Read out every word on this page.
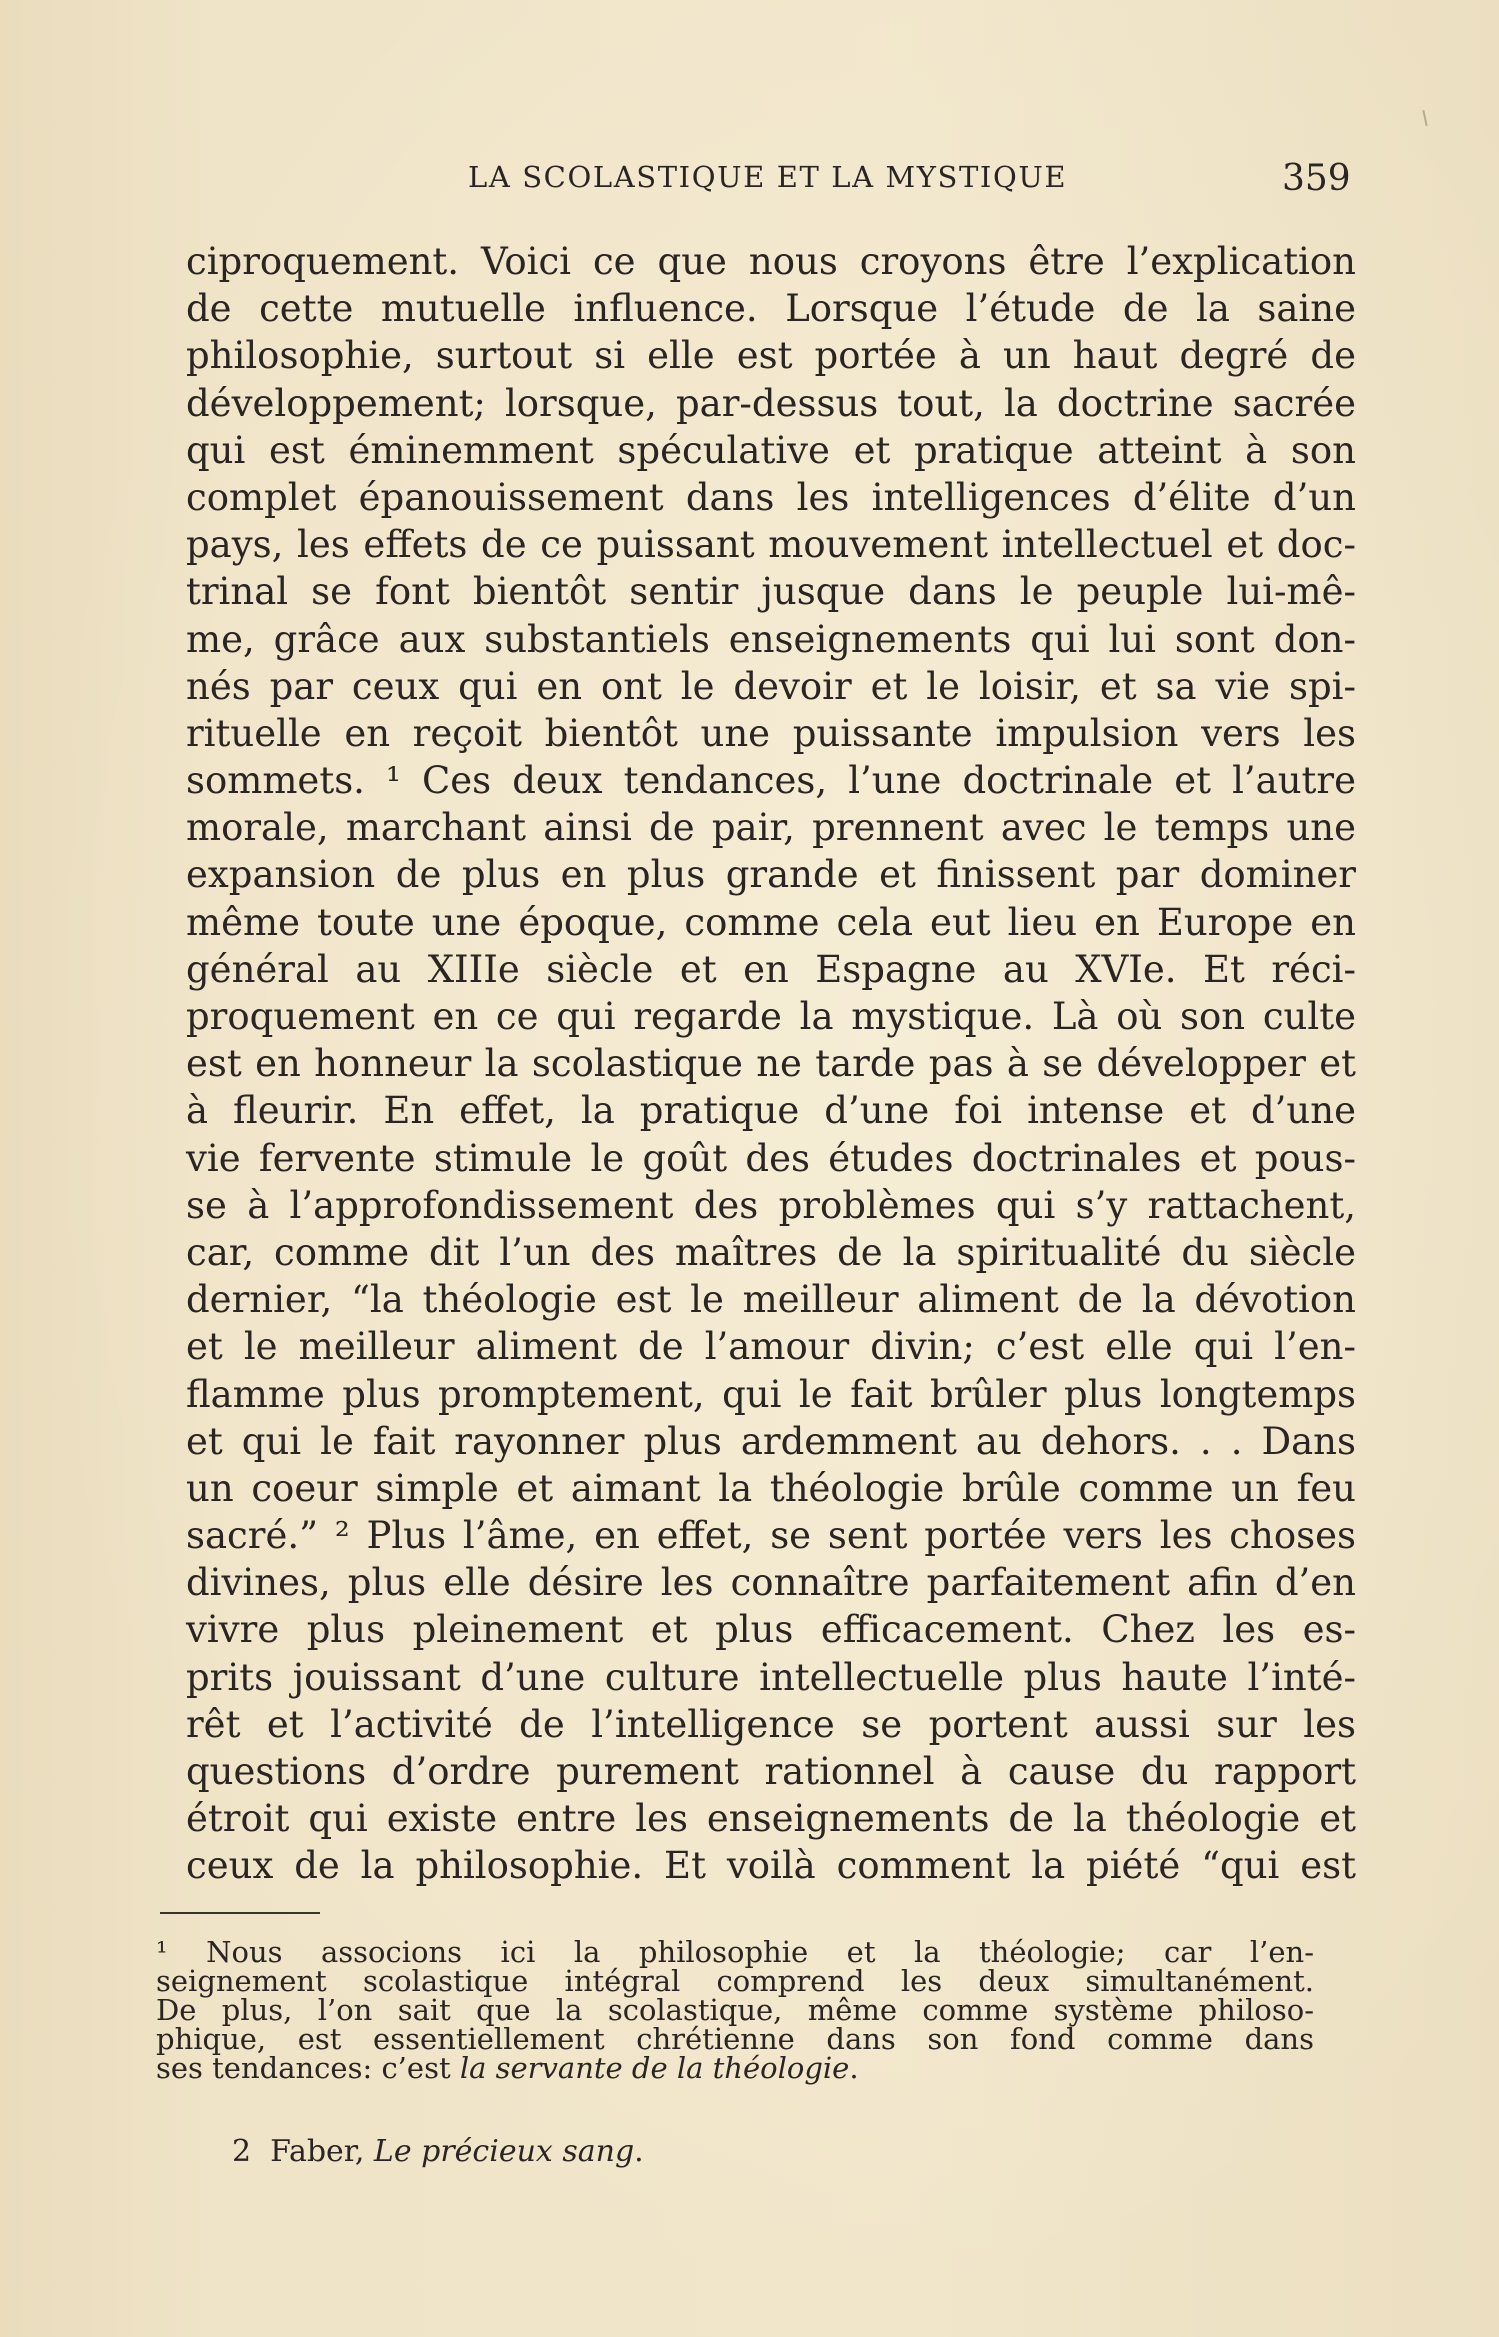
LA SCOLASTIQUE ET LA MYSTIQUE	359
ciproquement. Voici ce que nous croyons être l’explication
de cette mutuelle influence. Lorsque l’étude de la saine
philosophie, surtout si elle est portée à un haut degré de
développement; lorsque, par-dessus tout, la doctrine sacrée
qui est éminemment spéculative et pratique atteint à son
complet épanouissement dans les intelligences d’élite d’un
pays, les effets de ce puissant mouvement intellectuel et doc-
trinal se font bientôt sentir jusque dans le peuple lui-mê-
me, grâce aux substantiels enseignements qui lui sont don-
nés par ceux qui en ont le devoir et le loisir, et sa vie spi-
rituelle en reçoit bientôt une puissante impulsion vers les
sommets. ¹ Ces deux tendances, l’une doctrinale et l’autre
morale, marchant ainsi de pair, prennent avec le temps une
expansion de plus en plus grande et finissent par dominer
même toute une époque, comme cela eut lieu en Europe en
général au XIIIe siècle et en Espagne au XVIe. Et réci-
proquement en ce qui regarde la mystique. Là où son culte
est en honneur la scolastique ne tarde pas à se développer et
à fleurir. En effet, la pratique d’une foi intense et d’une
vie fervente stimule le goût des études doctrinales et pous-
se à l’approfondissement des problèmes qui s’y rattachent,
car, comme dit l’un des maîtres de la spiritualité du siècle
dernier, “la théologie est le meilleur aliment de la dévotion
et le meilleur aliment de l’amour divin; c’est elle qui l’en-
flamme plus promptement, qui le fait brûler plus longtemps
et qui le fait rayonner plus ardemment au dehors. . . Dans
un coeur simple et aimant la théologie brûle comme un feu
sacré.” ² Plus l’âme, en effet, se sent portée vers les choses
divines, plus elle désire les connaître parfaitement afin d’en
vivre plus pleinement et plus efficacement. Chez les es-
prits jouissant d’une culture intellectuelle plus haute l’inté-
rêt et l’activité de l’intelligence se portent aussi sur les
questions d’ordre purement rationnel à cause du rapport
étroit qui existe entre les enseignements de la théologie et
ceux de la philosophie. Et voilà comment la piété “qui est
¹ Nous associons ici la philosophie et la théologie; car l’en-
seignement scolastique intégral comprend les deux simultanément.
De plus, l’on sait que la scolastique, même comme système philoso-
phique, est essentiellement chrétienne dans son fond comme dans
ses tendances: c’est la servante de la théologie.
2 Faber, Le précieux sang.
